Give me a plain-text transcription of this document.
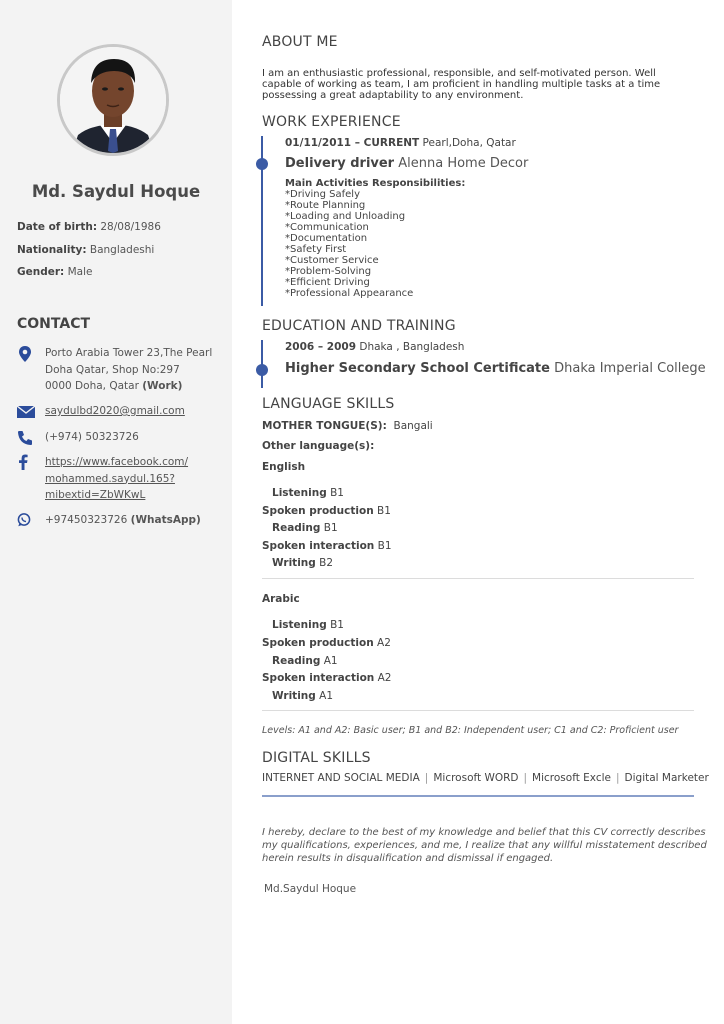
Md. Saydul Hoque
Date of birth: 28/08/1986
Nationality: Bangladeshi
Gender: Male
CONTACT
Porto Arabia Tower 23,The Pearl
Doha Qatar, Shop No:297
0000 Doha, Qatar (Work)
saydulbd2020@gmail.com
(+974) 50323726
https://www.facebook.com/
mohammed.saydul.165?
mibextid=ZbWKwL
+97450323726 (WhatsApp)
ABOUT ME
I am an enthusiastic professional, responsible, and self-motivated person. Well
capable of working as team, I am proficient in handling multiple tasks at a time
possessing a great adaptability to any environment.
WORK EXPERIENCE
01/11/2011 – CURRENT Pearl,Doha, Qatar
Delivery driver Alenna Home Decor
Main Activities Responsibilities:
*Driving Safely
*Route Planning
*Loading and Unloading
*Communication
*Documentation
*Safety First
*Customer Service
*Problem-Solving
*Efficient Driving
*Professional Appearance
EDUCATION AND TRAINING
2006 – 2009 Dhaka , Bangladesh
Higher Secondary School Certificate Dhaka Imperial College
LANGUAGE SKILLS
MOTHER TONGUE(S): Bangali
Other language(s):
English
Listening B1
Spoken production B1
Reading B1
Spoken interaction B1
Writing B2
Arabic
Listening B1
Spoken production A2
Reading A1
Spoken interaction A2
Writing A1
Levels: A1 and A2: Basic user; B1 and B2: Independent user; C1 and C2: Proficient user
DIGITAL SKILLS
INTERNET AND SOCIAL MEDIA | Microsoft WORD | Microsoft Excle | Digital Marketer
I hereby, declare to the best of my knowledge and belief that this CV correctly describes
my qualifications, experiences, and me, I realize that any willful misstatement described
herein results in disqualification and dismissal if engaged.
Md.Saydul Hoque
